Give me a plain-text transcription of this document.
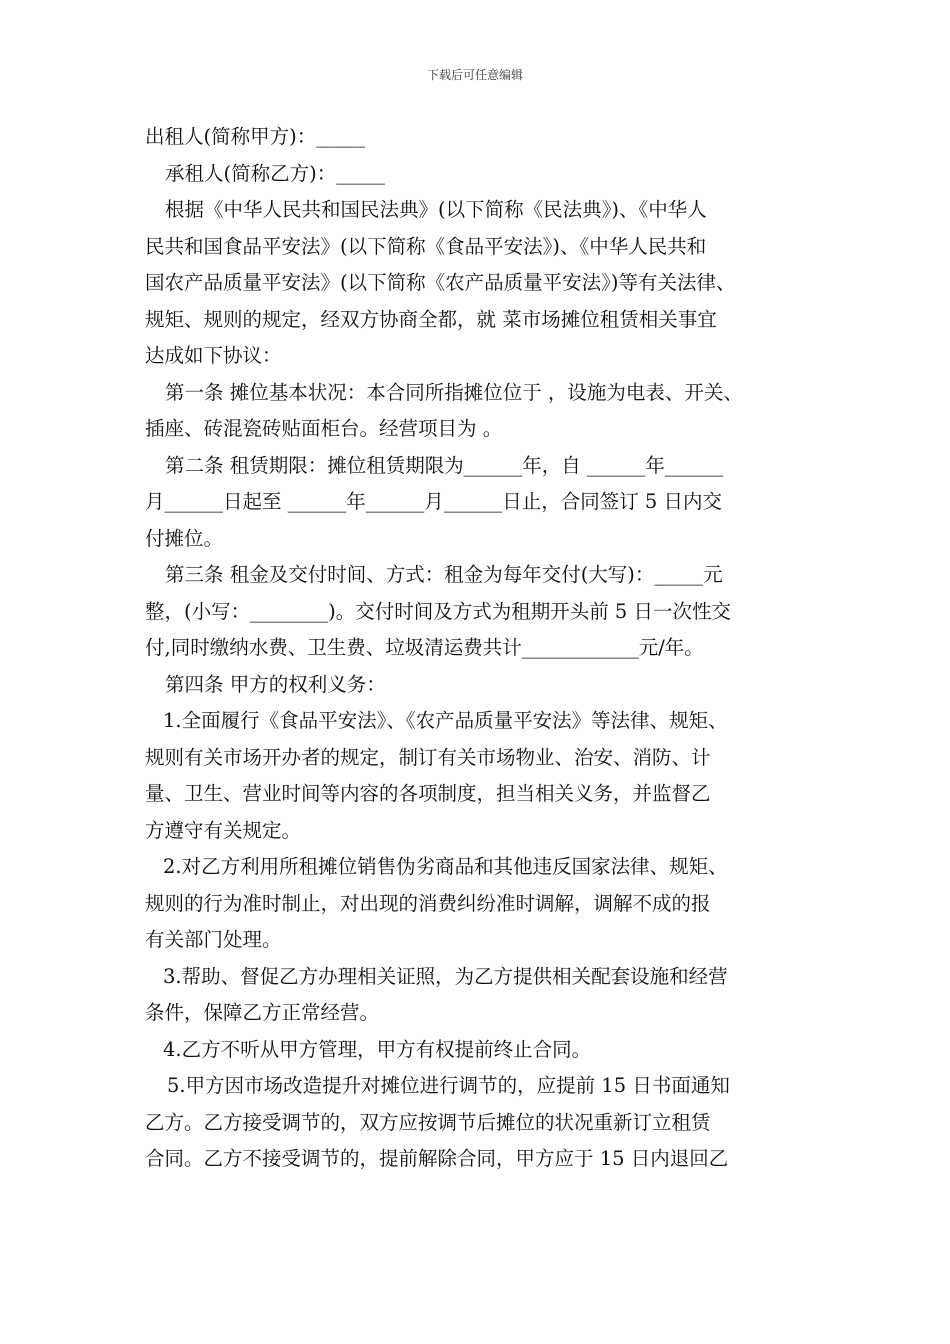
下载后可任意编辑
出租人(简称甲方)：_____
承租人(简称乙方)：_____
根据《中华人民共和国民法典》(以下简称《民法典》)、《中华人
民共和国食品平安法》(以下简称《食品平安法》)、《中华人民共和
国农产品质量平安法》(以下简称《农产品质量平安法》)等有关法律、
规矩、规则的规定，经双方协商全都，就 菜市场摊位租赁相关事宜
达成如下协议：
第一条 摊位基本状况：本合同所指摊位位于 ，设施为电表、开关、
插座、砖混瓷砖贴面柜台。经营项目为 。
第二条 租赁期限：摊位租赁期限为______年，自 ______年______
月______日起至 ______年______月______日止，合同签订 5 日内交
付摊位。
第三条 租金及交付时间、方式：租金为每年交付(大写)：_____元
整，(小写：________)。交付时间及方式为租期开头前 5 日一次性交
付,同时缴纳水费、卫生费、垃圾清运费共计____________元/年。
第四条 甲方的权利义务：
1.全面履行《食品平安法》、《农产品质量平安法》等法律、规矩、
规则有关市场开办者的规定，制订有关市场物业、治安、消防、计
量、卫生、营业时间等内容的各项制度，担当相关义务，并监督乙
方遵守有关规定。
2.对乙方利用所租摊位销售伪劣商品和其他违反国家法律、规矩、
规则的行为准时制止，对出现的消费纠纷准时调解，调解不成的报
有关部门处理。
3.帮助、督促乙方办理相关证照，为乙方提供相关配套设施和经营
条件，保障乙方正常经营。
4.乙方不听从甲方管理，甲方有权提前终止合同。
5.甲方因市场改造提升对摊位进行调节的，应提前 15 日书面通知
乙方。乙方接受调节的，双方应按调节后摊位的状况重新订立租赁
合同。乙方不接受调节的，提前解除合同，甲方应于 15 日内退回乙
